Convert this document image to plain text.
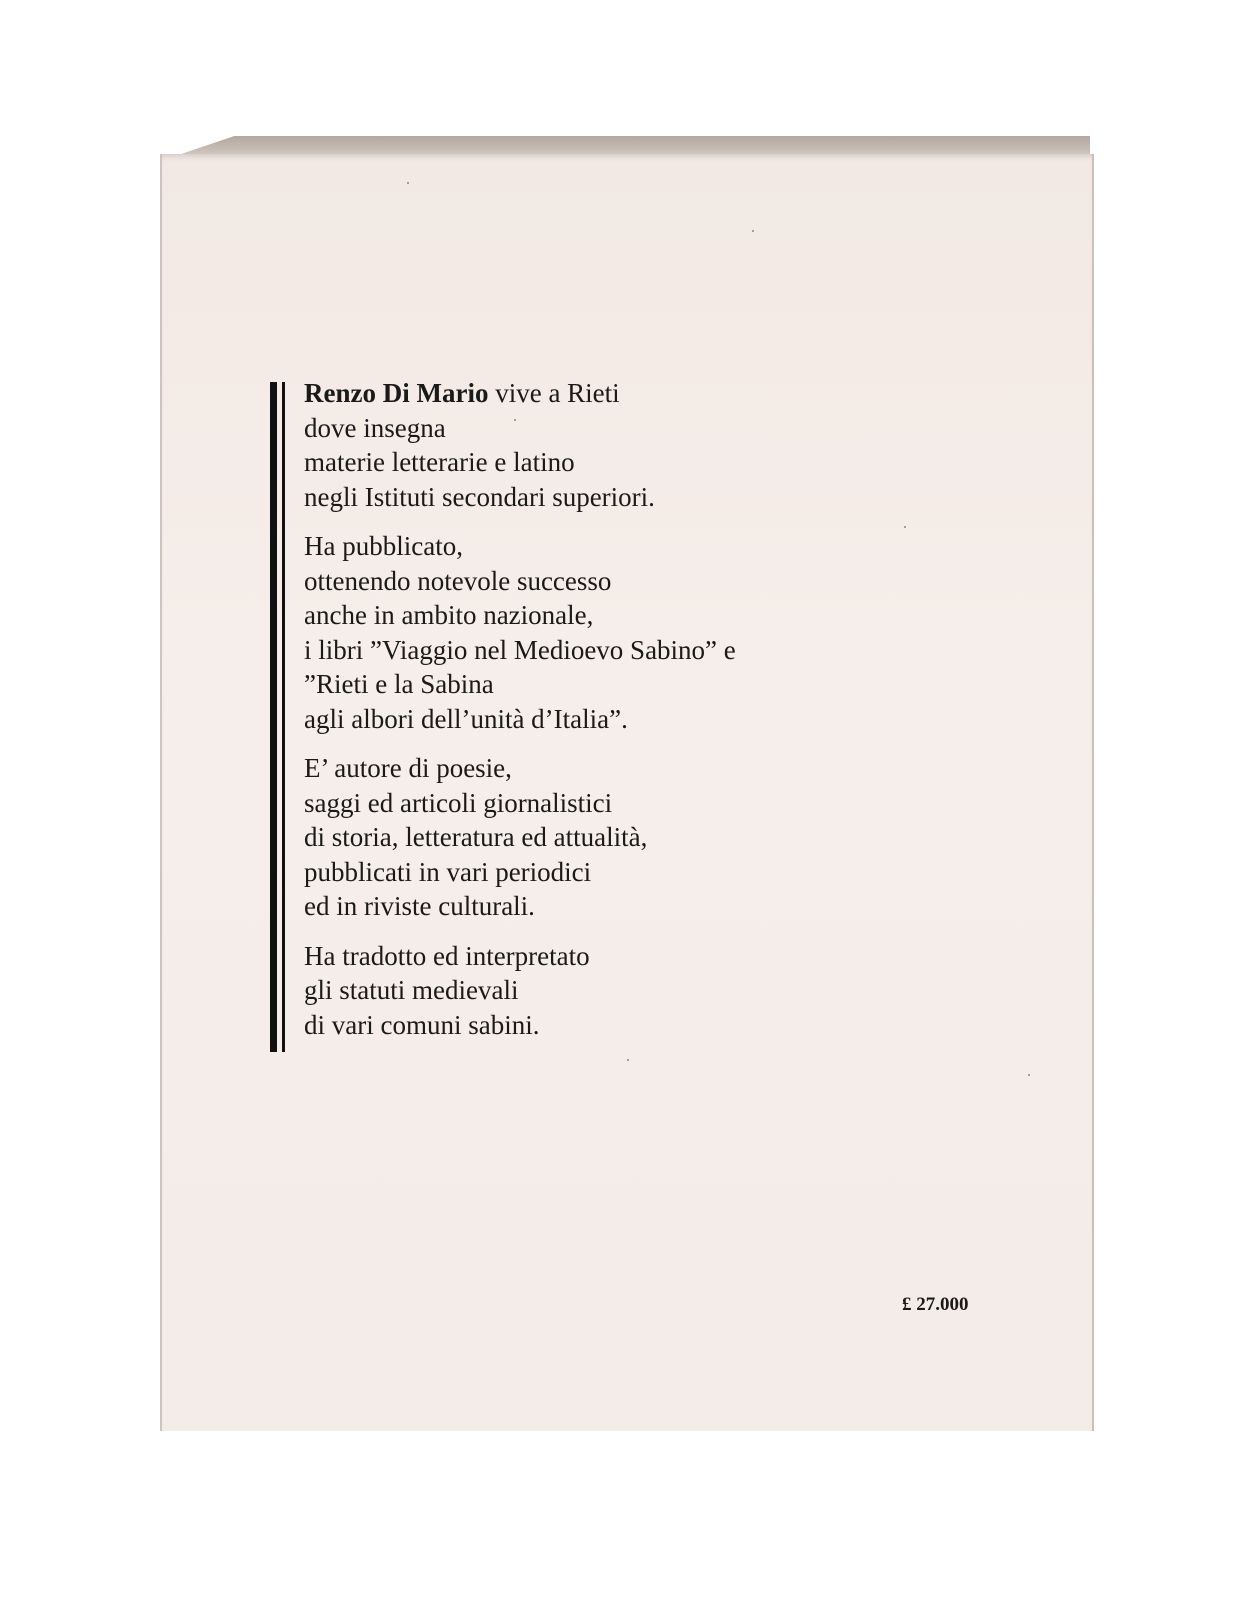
Renzo Di Mario vive a Rieti
dove insegna
materie letterarie e latino
negli Istituti secondari superiori.
Ha pubblicato,
ottenendo notevole successo
anche in ambito nazionale,
i libri ”Viaggio nel Medioevo Sabino” e
”Rieti e la Sabina
agli albori dell’unità d’Italia”.
E’ autore di poesie,
saggi ed articoli giornalistici
di storia, letteratura ed attualità,
pubblicati in vari periodici
ed in riviste culturali.
Ha tradotto ed interpretato
gli statuti medievali
di vari comuni sabini.
£ 27.000
